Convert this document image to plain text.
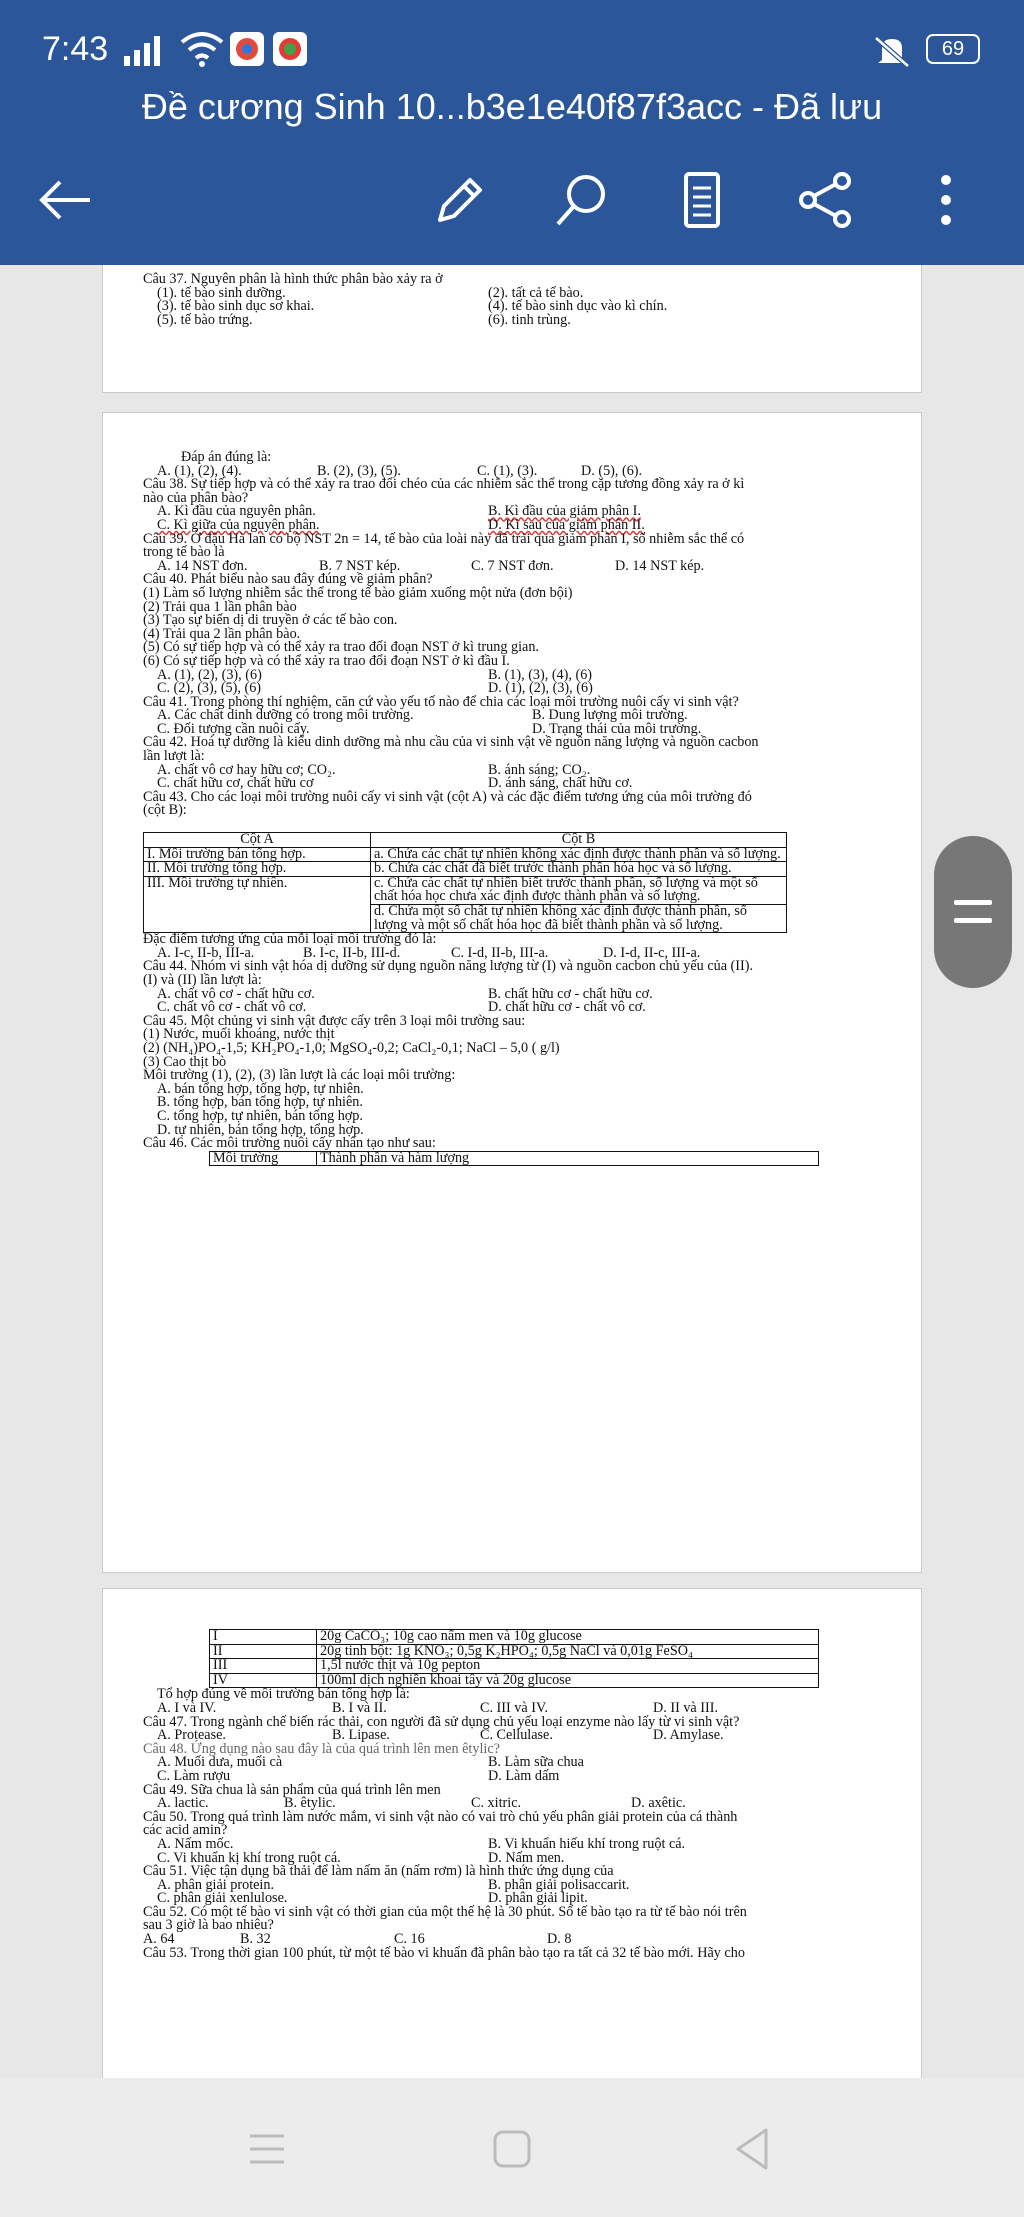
7:43	69
Đề cương Sinh 10...b3e1e40f87f3acc - Đã lưu
Câu 37. Nguyên phân là hình thức phân bào xảy ra ở
(1). tế bào sinh dưỡng.	(2). tất cả tế bào.
(3). tế bào sinh dục sơ khai.	(4). tế bào sinh dục vào kì chín.
(5). tế bào trứng.	(6). tinh trùng.
Đáp án đúng là:
A. (1), (2), (4).	B. (2), (3), (5).	C. (1), (3).	D. (5), (6).
Câu 38. Sự tiếp hợp và có thể xảy ra trao đổi chéo của các nhiễm sắc thể trong cặp tương đồng xảy ra ở kì
nào của phân bào?
A. Kì đầu của nguyên phân.	B. Kì đầu của giảm phân I.
C. Kì giữa của nguyên phân.	D. Kì sau của giảm phân II.
Câu 39. Ở đậu Hà lan có bộ NST 2n = 14, tế bào của loài này đã trải qua giảm phân I, số nhiễm sắc thể có
trong tế bào là
A. 14 NST đơn.	B. 7 NST kép.	C. 7 NST đơn.	D. 14 NST kép.
Câu 40. Phát biểu nào sau đây đúng về giảm phân?
(1) Làm số lượng nhiễm sắc thể trong tế bào giảm xuống một nửa (đơn bội)
(2) Trải qua 1 lần phân bào
(3) Tạo sự biến dị di truyền ở các tế bào con.
(4) Trải qua 2 lần phân bào.
(5) Có sự tiếp hợp và có thể xảy ra trao đổi đoạn NST ở kì trung gian.
(6) Có sự tiếp hợp và có thể xảy ra trao đổi đoạn NST ở kì đầu I.
A. (1), (2), (3), (6)	B. (1), (3), (4), (6)
C. (2), (3), (5), (6)	D. (1), (2), (3), (6)
Câu 41. Trong phòng thí nghiệm, căn cứ vào yếu tố nào để chia các loại môi trường nuôi cấy vi sinh vật?
A. Các chất dinh dưỡng có trong môi trường.	B. Dung lượng môi trường.
C. Đối tượng cần nuôi cấy.	D. Trạng thái của môi trường.
Câu 42. Hoá tự dưỡng là kiểu dinh dưỡng mà nhu cầu của vi sinh vật về nguồn năng lượng và nguồn cacbon
lần lượt là:
A. chất vô cơ hay hữu cơ; CO₂.	B. ánh sáng; CO₂.
C. chất hữu cơ, chất hữu cơ	D. ánh sáng, chất hữu cơ.
Câu 43. Cho các loại môi trường nuôi cấy vi sinh vật (cột A) và các đặc điểm tương ứng của môi trường đó
(cột B):
Cột A	Cột B
I. Môi trường bán tổng hợp.	a. Chứa các chất tự nhiên không xác định được thành phần và số lượng.
II. Môi trường tổng hợp.	b. Chứa các chất đã biết trước thành phần hóa học và số lượng.
III. Môi trường tự nhiên.	c. Chứa các chất tự nhiên biết trước thành phần, số lượng và một số chất hóa học chưa xác định được thành phần và số lượng.
	d. Chứa một số chất tự nhiên không xác định được thành phần, số lượng và một số chất hóa học đã biết thành phần và số lượng.
Đặc điểm tương ứng của mỗi loại môi trường đó là:
A. I-c, II-b, III-a.	B. I-c, II-b, III-d.	C. I-d, II-b, III-a.	D. I-d, II-c, III-a.
Câu 44. Nhóm vi sinh vật hóa dị dưỡng sử dụng nguồn năng lượng từ (I) và nguồn cacbon chủ yếu của (II).
(I) và (II) lần lượt là:
A. chất vô cơ - chất hữu cơ.	B. chất hữu cơ - chất hữu cơ.
C. chất vô cơ - chất vô cơ.	D. chất hữu cơ - chất vô cơ.
Câu 45. Một chủng vi sinh vật được cấy trên 3 loại môi trường sau:
(1) Nước, muối khoáng, nước thịt
(2) (NH₄)PO₄-1,5; KH₂PO₄-1,0; MgSO₄-0,2; CaCl₂-0,1; NaCl – 5,0 ( g/l)
(3) Cao thịt bò
Môi trường (1), (2), (3) lần lượt là các loại môi trường:
A. bán tổng hợp, tổng hợp, tự nhiên.
B. tổng hợp, bán tổng hợp, tự nhiên.
C. tổng hợp, tự nhiên, bán tổng hợp.
D. tự nhiên, bán tổng hợp, tổng hợp.
Câu 46. Các môi trường nuôi cấy nhân tạo như sau:
Môi trường	Thành phần và hàm lượng
I	20g CaCO₃; 10g cao nấm men và 10g glucose
II	20g tinh bột: 1g KNO₃; 0,5g K₂HPO₄; 0,5g NaCl và 0,01g FeSO₄
III	1,5l nước thịt và 10g pepton
IV	100ml dịch nghiền khoai tây và 20g glucose
Tổ hợp đúng về môi trường bán tổng hợp là:
A. I và IV.	B. I và II.	C. III và IV.	D. II và III.
Câu 47. Trong ngành chế biến rác thải, con người đã sử dụng chủ yếu loại enzyme nào lấy từ vi sinh vật?
A. Protease.	B. Lipase.	C. Cellulase.	D. Amylase.
Câu 48. Ứng dụng nào sau đây là của quá trình lên men êtylic?
A. Muối dưa, muối cà	B. Làm sữa chua
C. Làm rượu	D. Làm dấm
Câu 49. Sữa chua là sản phẩm của quá trình lên men
A. lactic.	B. êtylic.	C. xitric.	D. axêtic.
Câu 50. Trong quá trình làm nước mắm, vi sinh vật nào có vai trò chủ yếu phân giải protein của cá thành
các acid amin?
A. Nấm mốc.	B. Vi khuẩn hiếu khí trong ruột cá.
C. Vi khuẩn kị khí trong ruột cá.	D. Nấm men.
Câu 51. Việc tận dụng bã thải để làm nấm ăn (nấm rơm) là hình thức ứng dụng của
A. phân giải protein.	B. phân giải polisaccarit.
C. phân giải xenlulose.	D. phân giải lipit.
Câu 52. Có một tế bào vi sinh vật có thời gian của một thế hệ là 30 phút. Số tế bào tạo ra từ tế bào nói trên
sau 3 giờ là bao nhiêu?
A. 64	B. 32	C. 16	D. 8
Câu 53. Trong thời gian 100 phút, từ một tế bào vi khuẩn đã phân bào tạo ra tất cả 32 tế bào mới. Hãy cho
